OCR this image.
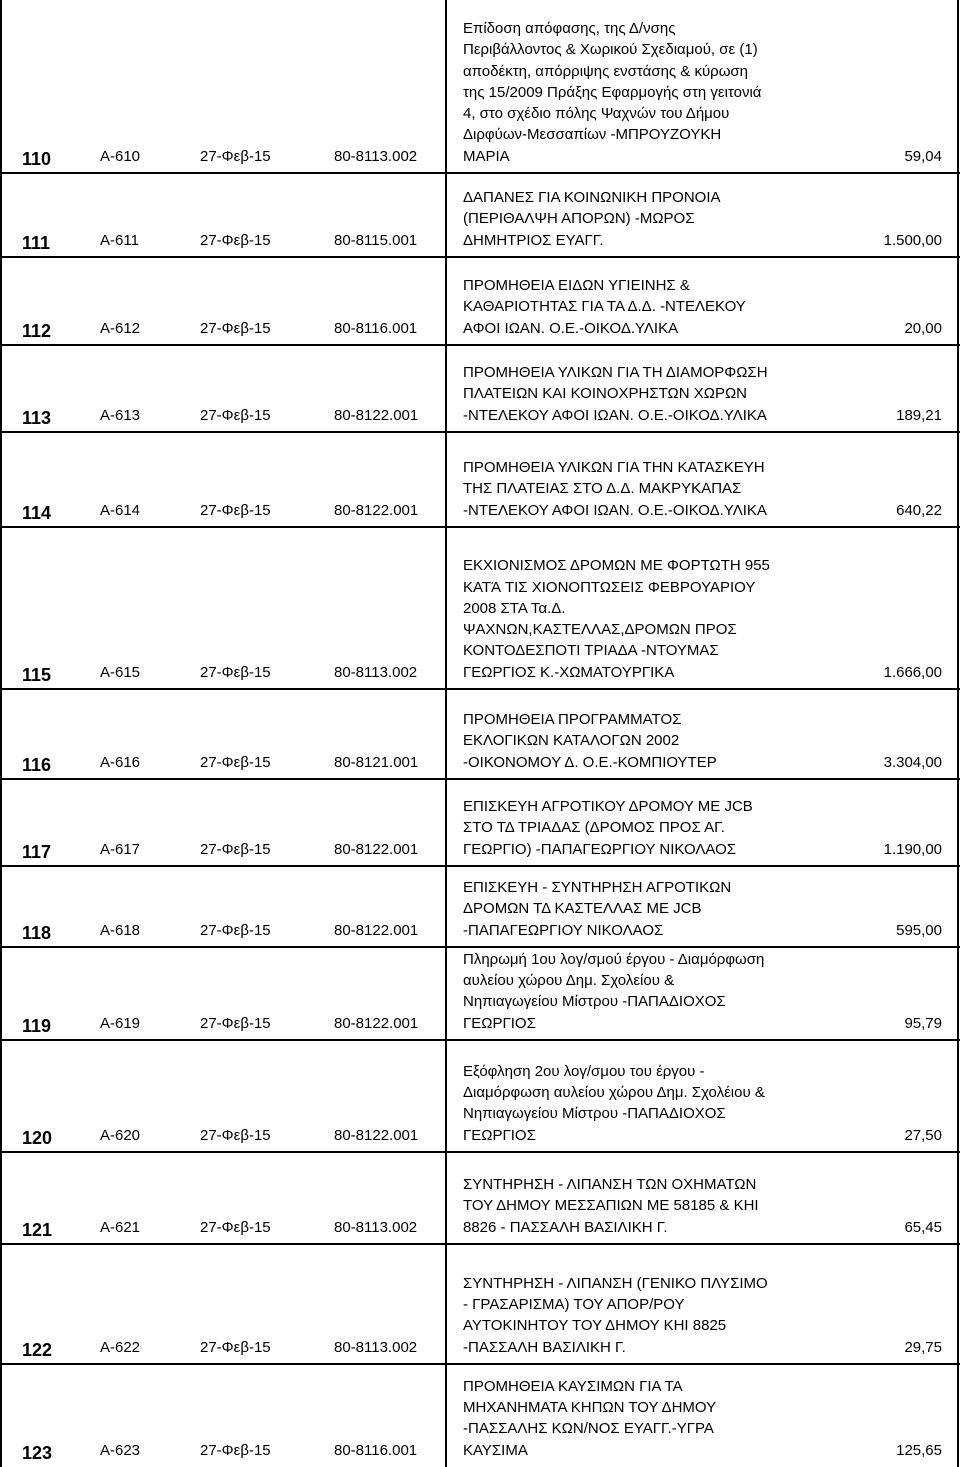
110	Α-610	27-Φεβ-15	80-8113.002
Επίδοση απόφασης, της Δ/νσης
Περιβάλλοντος & Χωρικού Σχεδιαμού, σε (1)
αποδέκτη, απόρριψης ενστάσης & κύρωση
της 15/2009 Πράξης Εφαρμογής στη γειτονιά
4, στο σχέδιο πόλης Ψαχνών του Δήμου
Διρφύων-Μεσσαπίων -ΜΠΡΟΥΖΟΥΚΗ
ΜΑΡΙΑ	59,04
111	Α-611	27-Φεβ-15	80-8115.001
ΔΑΠΑΝΕΣ ΓΙΑ ΚΟΙΝΩΝΙΚΗ ΠΡΟΝΟΙΑ
(ΠΕΡΙΘΑΛΨΗ ΑΠΟΡΩΝ) -ΜΩΡΟΣ
ΔΗΜΗΤΡΙΟΣ ΕΥΑΓΓ.	1.500,00
112	Α-612	27-Φεβ-15	80-8116.001
ΠΡΟΜΗΘΕΙΑ ΕΙΔΩΝ ΥΓΙΕΙΝΗΣ &
ΚΑΘΑΡΙΟΤΗΤΑΣ ΓΙΑ ΤΑ Δ.Δ. -ΝΤΕΛΕΚΟΥ
ΑΦΟΙ ΙΩΑΝ. Ο.Ε.-ΟΙΚΟΔ.ΥΛΙΚΑ	20,00
113	Α-613	27-Φεβ-15	80-8122.001
ΠΡΟΜΗΘΕΙΑ ΥΛΙΚΩΝ ΓΙΑ ΤΗ ΔΙΑΜΟΡΦΩΣΗ
ΠΛΑΤΕΙΩΝ ΚΑΙ ΚΟΙΝΟΧΡΗΣΤΩΝ ΧΩΡΩΝ
-ΝΤΕΛΕΚΟΥ ΑΦΟΙ ΙΩΑΝ. Ο.Ε.-ΟΙΚΟΔ.ΥΛΙΚΑ	189,21
114	Α-614	27-Φεβ-15	80-8122.001
ΠΡΟΜΗΘΕΙΑ ΥΛΙΚΩΝ ΓΙΑ ΤΗΝ ΚΑΤΑΣΚΕΥΗ
ΤΗΣ ΠΛΑΤΕΙΑΣ ΣΤΟ Δ.Δ. ΜΑΚΡΥΚΑΠΑΣ
-ΝΤΕΛΕΚΟΥ ΑΦΟΙ ΙΩΑΝ. Ο.Ε.-ΟΙΚΟΔ.ΥΛΙΚΑ	640,22
115	Α-615	27-Φεβ-15	80-8113.002
ΕΚΧΙΟΝΙΣΜΟΣ ΔΡΟΜΩΝ ΜΕ ΦΟΡΤΩΤΗ 955
ΚΑΤΆ ΤΙΣ ΧΙΟΝΟΠΤΩΣΕΙΣ ΦΕΒΡΟΥΑΡΙΟΥ
2008 ΣΤΑ Τα.Δ.
ΨΑΧΝΩΝ,ΚΑΣΤΕΛΛΑΣ,ΔΡΟΜΩΝ ΠΡΟΣ
ΚΟΝΤΟΔΕΣΠΟΤΙ ΤΡΙΑΔΑ -ΝΤΟΥΜΑΣ
ΓΕΩΡΓΙΟΣ Κ.-ΧΩΜΑΤΟΥΡΓΙΚΑ	1.666,00
116	Α-616	27-Φεβ-15	80-8121.001
ΠΡΟΜΗΘΕΙΑ ΠΡΟΓΡΑΜΜΑΤΟΣ
ΕΚΛΟΓΙΚΩΝ ΚΑΤΑΛΟΓΩΝ 2002
-ΟΙΚΟΝΟΜΟΥ Δ. Ο.Ε.-ΚΟΜΠΙΟΥΤΕΡ	3.304,00
117	Α-617	27-Φεβ-15	80-8122.001
ΕΠΙΣΚΕΥΗ ΑΓΡΟΤΙΚΟΥ ΔΡΟΜΟΥ ΜΕ JCB
ΣΤΟ ΤΔ ΤΡΙΑΔΑΣ (ΔΡΟΜΟΣ ΠΡΟΣ ΑΓ.
ΓΕΩΡΓΙΟ) -ΠΑΠΑΓΕΩΡΓΙΟΥ ΝΙΚΟΛΑΟΣ	1.190,00
118	Α-618	27-Φεβ-15	80-8122.001
ΕΠΙΣΚΕΥΗ - ΣΥΝΤΗΡΗΣΗ ΑΓΡΟΤΙΚΩΝ
ΔΡΟΜΩΝ ΤΔ ΚΑΣΤΕΛΛΑΣ ΜΕ JCB
-ΠΑΠΑΓΕΩΡΓΙΟΥ ΝΙΚΟΛΑΟΣ	595,00
119	Α-619	27-Φεβ-15	80-8122.001
Πληρωμή 1ου λογ/σμού έργου - Διαμόρφωση
αυλείου χώρου Δημ. Σχολείου &
Νηπιαγωγείου Μίστρου -ΠΑΠΑΔΙΟΧΟΣ
ΓΕΩΡΓΙΟΣ	95,79
120	Α-620	27-Φεβ-15	80-8122.001
Εξόφληση 2ου λογ/σμου του έργου -
Διαμόρφωση αυλείου χώρου Δημ. Σχολέιου &
Νηπιαγωγείου Μίστρου -ΠΑΠΑΔΙΟΧΟΣ
ΓΕΩΡΓΙΟΣ	27,50
121	Α-621	27-Φεβ-15	80-8113.002
ΣΥΝΤΗΡΗΣΗ - ΛΙΠΑΝΣΗ ΤΩΝ ΟΧΗΜΑΤΩΝ
ΤΟΥ ΔΗΜΟΥ ΜΕΣΣΑΠΙΩΝ ΜΕ 58185 & ΚΗΙ
8826 - ΠΑΣΣΑΛΗ ΒΑΣΙΛΙΚΗ Γ.	65,45
122	Α-622	27-Φεβ-15	80-8113.002
ΣΥΝΤΗΡΗΣΗ - ΛΙΠΑΝΣΗ (ΓΕΝΙΚΟ ΠΛΥΣΙΜΟ
- ΓΡΑΣΑΡΙΣΜΑ) ΤΟΥ ΑΠΟΡ/ΡΟΥ
ΑΥΤΟΚΙΝΗΤΟΥ ΤΟΥ ΔΗΜΟΥ ΚΗΙ 8825
-ΠΑΣΣΑΛΗ ΒΑΣΙΛΙΚΗ Γ.	29,75
123	Α-623	27-Φεβ-15	80-8116.001
ΠΡΟΜΗΘΕΙΑ ΚΑΥΣΙΜΩΝ ΓΙΑ ΤΑ
ΜΗΧΑΝΗΜΑΤΑ ΚΗΠΩΝ ΤΟΥ ΔΗΜΟΥ
-ΠΑΣΣΑΛΗΣ ΚΩΝ/ΝΟΣ ΕΥΑΓΓ.-ΥΓΡΑ
ΚΑΥΣΙΜΑ	125,65
